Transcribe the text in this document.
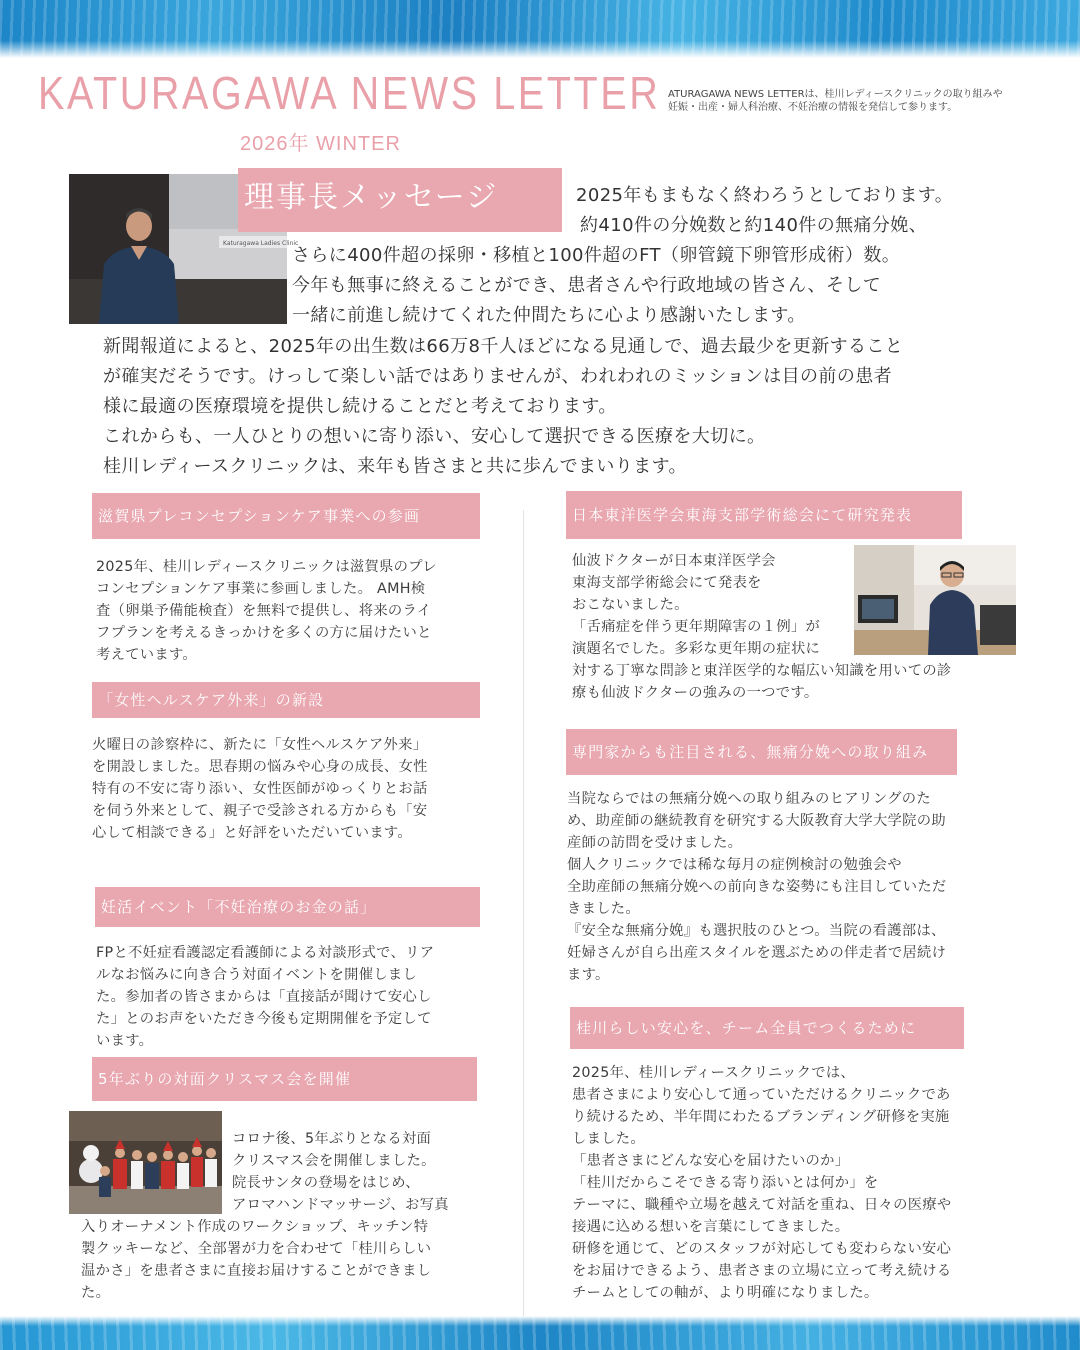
KATURAGAWA NEWS LETTER
2026年 WINTER
ATURAGAWA NEWS LETTERは、桂川レディースクリニックの取り組みや
妊娠・出産・婦人科治療、不妊治療の情報を発信して参ります。
Katuragawa Ladies Clinic
理事長メッセージ	2025年もまもなく終わろうとしております。
約410件の分娩数と約140件の無痛分娩、
さらに400件超の採卵・移植と100件超のFT（卵管鏡下卵管形成術）数。
今年も無事に終えることができ、患者さんや行政地域の皆さん、そして
一緒に前進し続けてくれた仲間たちに心より感謝いたします。
新聞報道によると、2025年の出生数は66万8千人ほどになる見通しで、過去最少を更新すること
が確実だそうです。けっして楽しい話ではありませんが、われわれのミッションは目の前の患者
様に最適の医療環境を提供し続けることだと考えております。
これからも、一人ひとりの想いに寄り添い、安心して選択できる医療を大切に。
桂川レディースクリニックは、来年も皆さまと共に歩んでまいります。
滋賀県プレコンセプションケア事業への参画
2025年、桂川レディースクリニックは滋賀県のプレ
コンセプションケア事業に参画しました。 AMH検
査（卵巣予備能検査）を無料で提供し、将来のライ
フプランを考えるきっかけを多くの方に届けたいと
考えています。
「女性ヘルスケア外来」の新設
火曜日の診察枠に、新たに「女性ヘルスケア外来」
を開設しました。思春期の悩みや心身の成長、女性
特有の不安に寄り添い、女性医師がゆっくりとお話
を伺う外来として、親子で受診される方からも「安
心して相談できる」と好評をいただいています。
妊活イベント「不妊治療のお金の話」
FPと不妊症看護認定看護師による対談形式で、リア
ルなお悩みに向き合う対面イベントを開催しまし
た。参加者の皆さまからは「直接話が聞けて安心し
た」とのお声をいただき今後も定期開催を予定して
います。
5年ぶりの対面クリスマス会を開催
コロナ後、5年ぶりとなる対面
クリスマス会を開催しました。
院長サンタの登場をはじめ、
アロマハンドマッサージ、お写真
入りオーナメント作成のワークショップ、キッチン特
製クッキーなど、全部署が力を合わせて「桂川らしい
温かさ」を患者さまに直接お届けすることができまし
た。
日本東洋医学会東海支部学術総会にて研究発表
仙波ドクターが日本東洋医学会
東海支部学術総会にて発表を
おこないました。
「舌痛症を伴う更年期障害の１例」が
演題名でした。多彩な更年期の症状に
対する丁寧な問診と東洋医学的な幅広い知識を用いての診
療も仙波ドクターの強みの一つです。
専門家からも注目される、無痛分娩への取り組み
当院ならではの無痛分娩への取り組みのヒアリングのた
め、助産師の継続教育を研究する大阪教育大学大学院の助
産師の訪問を受けました。
個人クリニックでは稀な毎月の症例検討の勉強会や
全助産師の無痛分娩への前向きな姿勢にも注目していただ
きました。
『安全な無痛分娩』も選択肢のひとつ。当院の看護部は、
妊婦さんが自ら出産スタイルを選ぶための伴走者で居続け
ます。
桂川らしい安心を、チーム全員でつくるために
2025年、桂川レディースクリニックでは、
患者さまにより安心して通っていただけるクリニックであ
り続けるため、半年間にわたるブランディング研修を実施
しました。
「患者さまにどんな安心を届けたいのか」
「桂川だからこそできる寄り添いとは何か」を
テーマに、職種や立場を越えて対話を重ね、日々の医療や
接遇に込める想いを言葉にしてきました。
研修を通じて、どのスタッフが対応しても変わらない安心
をお届けできるよう、患者さまの立場に立って考え続ける
チームとしての軸が、より明確になりました。
